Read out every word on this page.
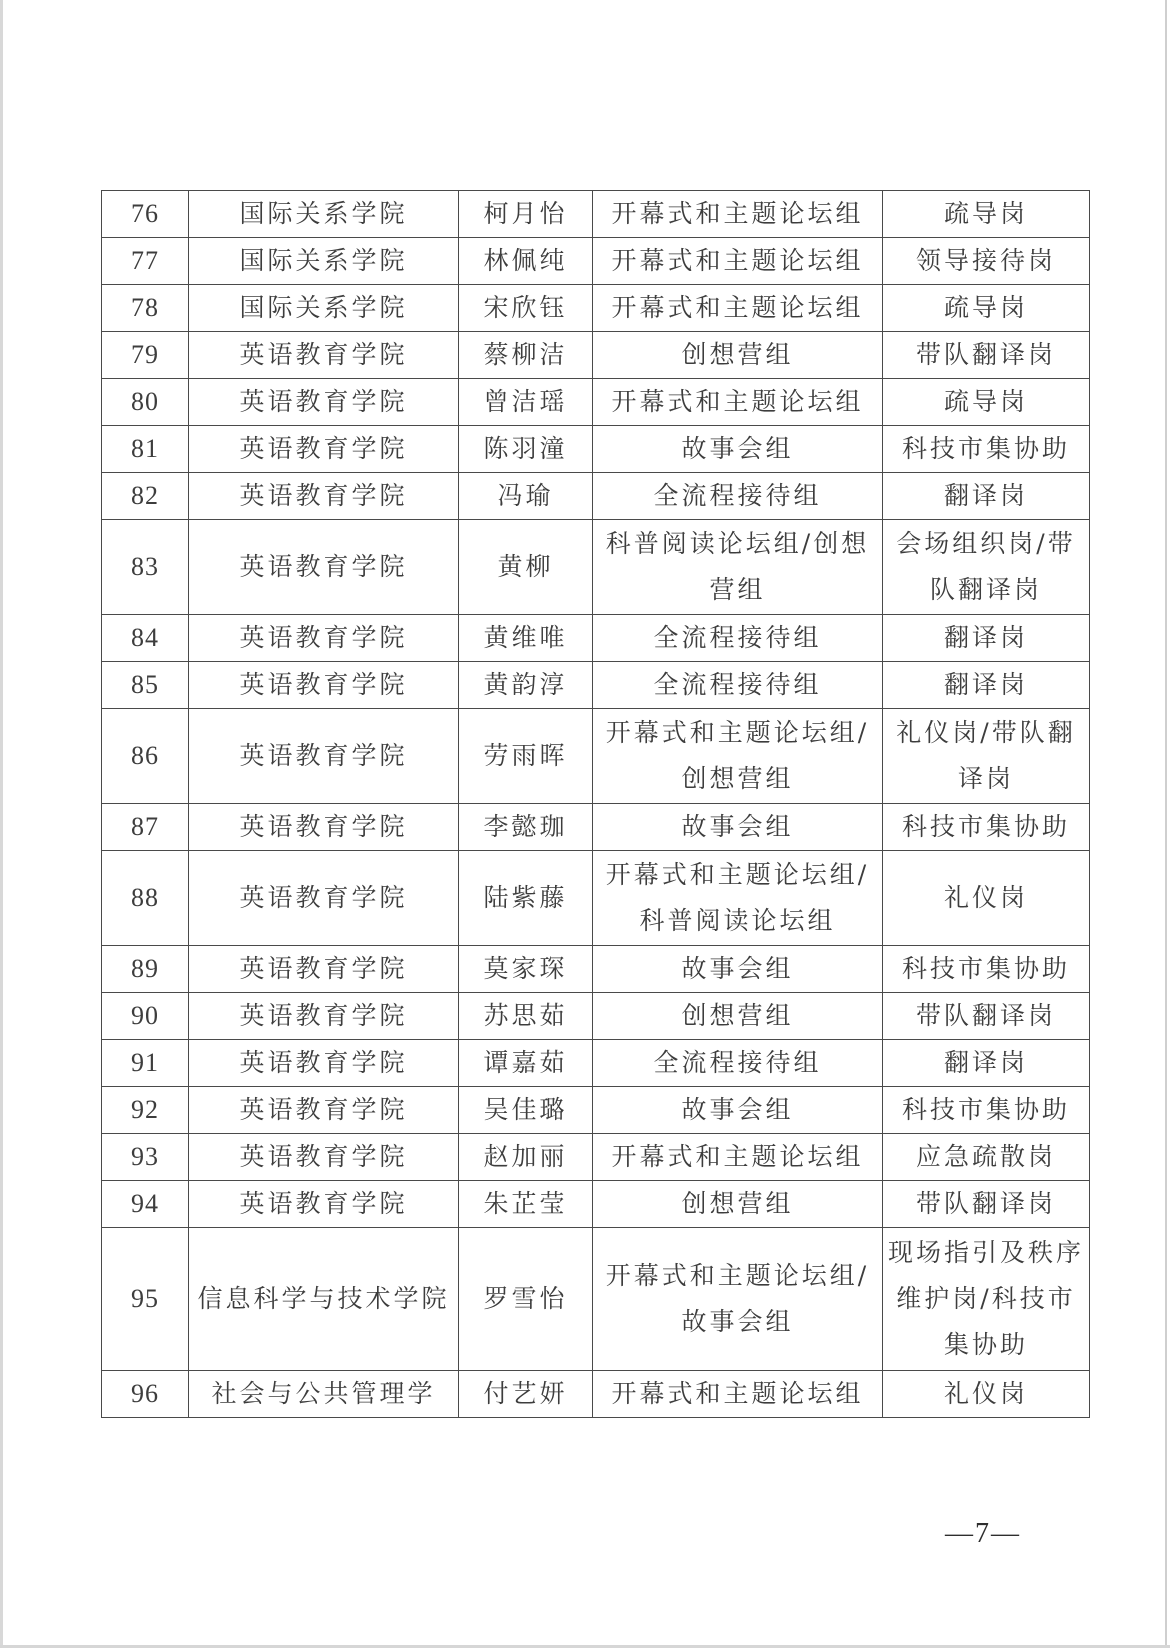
76	国际关系学院	柯月怡	开幕式和主题论坛组	疏导岗
77	国际关系学院	林佩纯	开幕式和主题论坛组	领导接待岗
78	国际关系学院	宋欣钰	开幕式和主题论坛组	疏导岗
79	英语教育学院	蔡柳洁	创想营组	带队翻译岗
80	英语教育学院	曾洁瑶	开幕式和主题论坛组	疏导岗
81	英语教育学院	陈羽潼	故事会组	科技市集协助
82	英语教育学院	冯瑜	全流程接待组	翻译岗
83	英语教育学院	黄柳	科普阅读论坛组/创想营组	会场组织岗/带队翻译岗
84	英语教育学院	黄维唯	全流程接待组	翻译岗
85	英语教育学院	黄韵淳	全流程接待组	翻译岗
86	英语教育学院	劳雨晖	开幕式和主题论坛组/创想营组	礼仪岗/带队翻译岗
87	英语教育学院	李懿珈	故事会组	科技市集协助
88	英语教育学院	陆紫藤	开幕式和主题论坛组/科普阅读论坛组	礼仪岗
89	英语教育学院	莫家琛	故事会组	科技市集协助
90	英语教育学院	苏思茹	创想营组	带队翻译岗
91	英语教育学院	谭嘉茹	全流程接待组	翻译岗
92	英语教育学院	吴佳璐	故事会组	科技市集协助
93	英语教育学院	赵加丽	开幕式和主题论坛组	应急疏散岗
94	英语教育学院	朱芷莹	创想营组	带队翻译岗
95	信息科学与技术学院	罗雪怡	开幕式和主题论坛组/故事会组	现场指引及秩序维护岗/科技市集协助
96	社会与公共管理学	付艺妍	开幕式和主题论坛组	礼仪岗
—7—
